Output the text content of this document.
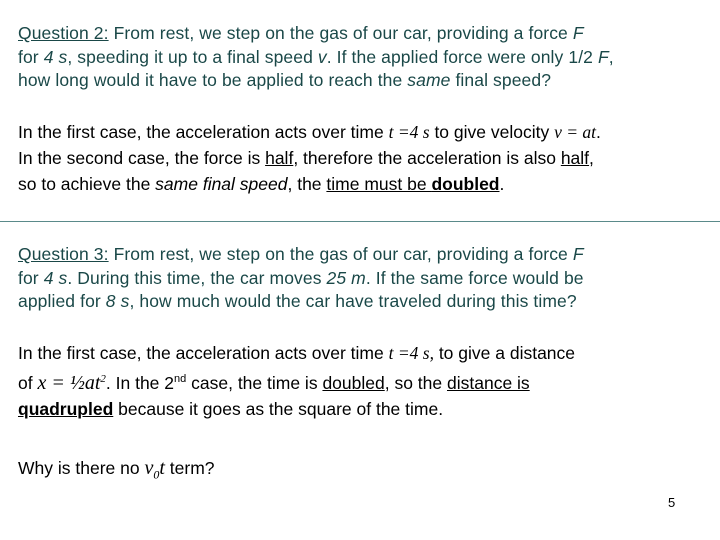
Question 2: From rest, we step on the gas of our car, providing a force F
for 4 s, speeding it up to a final speed v. If the applied force were only 1/2 F,
how long would it have to be applied to reach the same final speed?
In the first case, the acceleration acts over time t =4 s to give velocity v = at.
In the second case, the force is half, therefore the acceleration is also half,
so to achieve the same final speed, the time must be doubled.
Question 3: From rest, we step on the gas of our car, providing a force F
for 4 s. During this time, the car moves 25 m. If the same force would be
applied for 8 s, how much would the car have traveled during this time?
In the first case, the acceleration acts over time t =4 s, to give a distance
of $x = \frac{1}{2}at^2$. In the 2nd case, the time is doubled, so the distance is
quadrupled because it goes as the square of the time.
Why is there no $v_0t$ term?
5
